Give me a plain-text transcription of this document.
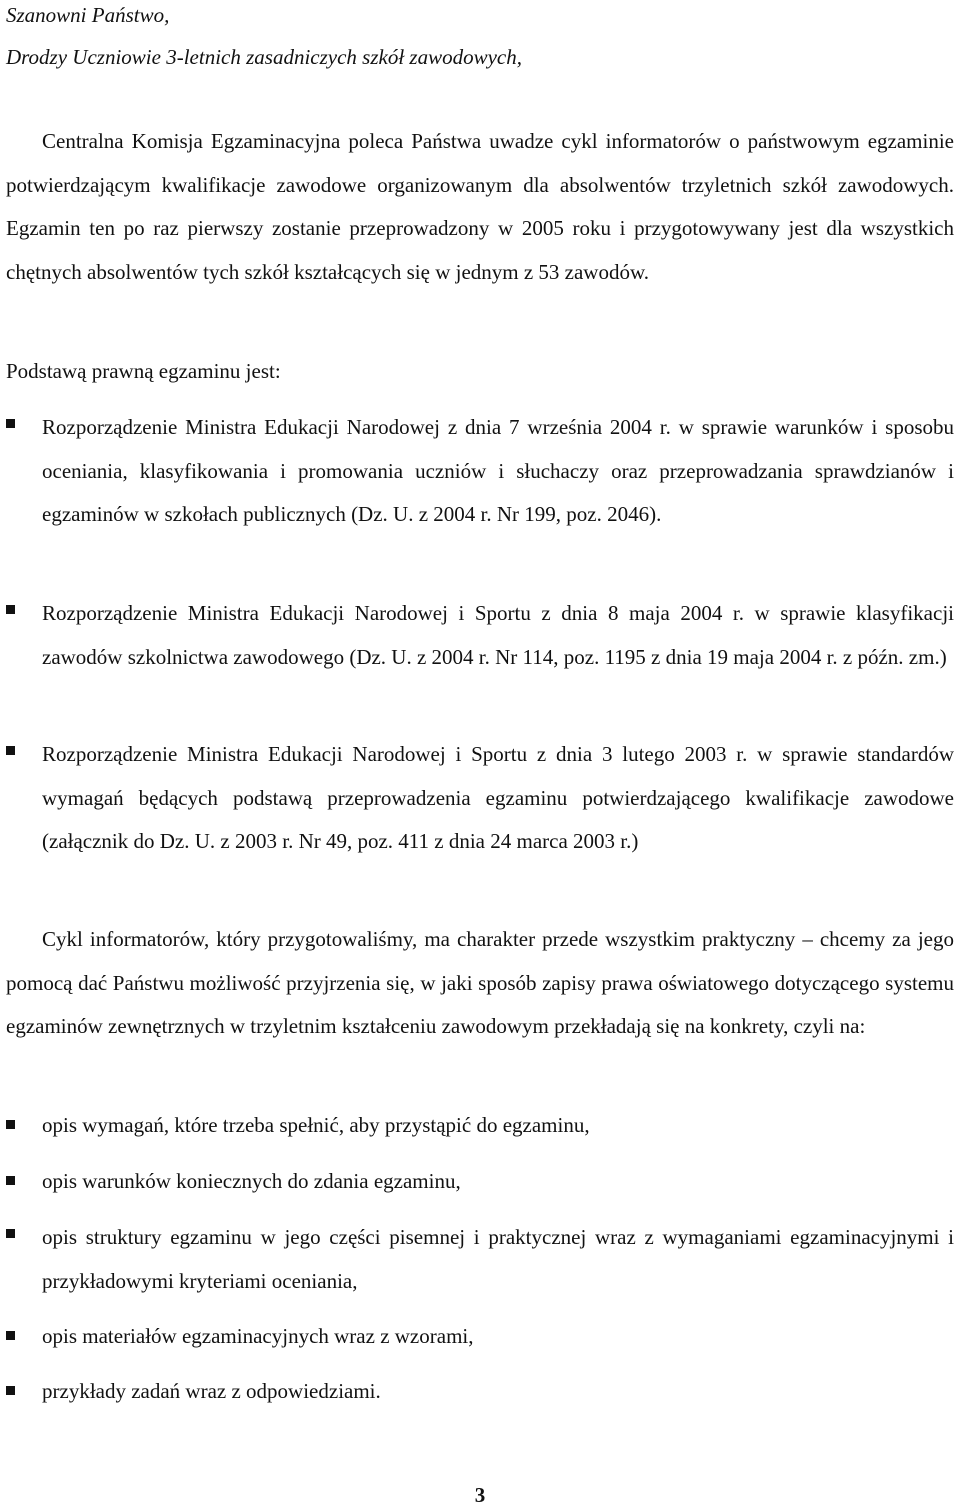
Szanowni Państwo,
Drodzy Uczniowie 3-letnich zasadniczych szkół zawodowych,

Centralna Komisja Egzaminacyjna poleca Państwa uwadze cykl informatorów o państwowym egzaminie potwierdzającym kwalifikacje zawodowe organizowanym dla absolwentów trzyletnich szkół zawodowych. Egzamin ten po raz pierwszy zostanie przeprowadzony w 2005 roku i przygotowywany jest dla wszystkich chętnych absolwentów tych szkół kształcących się w jednym z 53 zawodów.

Podstawą prawną egzaminu jest:
Rozporządzenie Ministra Edukacji Narodowej z dnia 7 września 2004 r. w sprawie warunków i sposobu oceniania, klasyfikowania i promowania uczniów i słuchaczy oraz przeprowadzania sprawdzianów i egzaminów w szkołach publicznych (Dz. U. z 2004 r. Nr 199, poz. 2046).
Rozporządzenie Ministra Edukacji Narodowej i Sportu z dnia 8 maja 2004 r. w sprawie klasyfikacji zawodów szkolnictwa zawodowego (Dz. U. z 2004 r. Nr 114, poz. 1195 z dnia 19 maja 2004 r. z późn. zm.)
Rozporządzenie Ministra Edukacji Narodowej i Sportu z dnia 3 lutego 2003 r. w sprawie standardów wymagań będących podstawą przeprowadzenia egzaminu potwierdzającego kwalifikacje zawodowe (załącznik do Dz. U. z 2003 r. Nr 49, poz. 411 z dnia 24 marca 2003 r.)

Cykl informatorów, który przygotowaliśmy, ma charakter przede wszystkim praktyczny – chcemy za jego pomocą dać Państwu możliwość przyjrzenia się, w jaki sposób zapisy prawa oświatowego dotyczącego systemu egzaminów zewnętrznych w trzyletnim kształceniu zawodowym przekładają się na konkrety, czyli na:

opis wymagań, które trzeba spełnić, aby przystąpić do egzaminu,
opis warunków koniecznych do zdania egzaminu,
opis struktury egzaminu w jego części pisemnej i praktycznej wraz z wymaganiami egzaminacyjnymi i przykładowymi kryteriami oceniania,
opis materiałów egzaminacyjnych wraz z wzorami,
przykłady zadań wraz z odpowiedziami.
3
